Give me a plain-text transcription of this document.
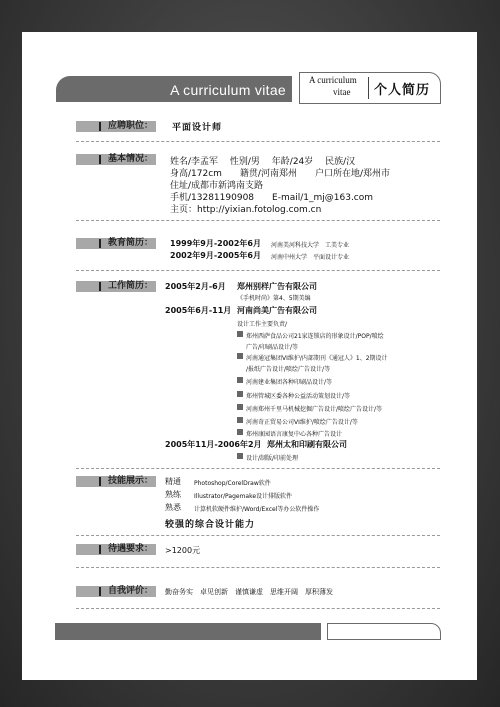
A curriculum vitae
A curriculum
vitae 个人简历
应聘职位： 平面设计师
基本情况： 姓名/李孟军　 性别/男　 年龄/24岁　 民族/汉
身高/172cm　　籍贯/河南郑州　　户口所在地/郑州市
住址/成都市新鸿南支路
手机/13281190908　　E-mail/1_mj@163.com
主页：http://yixian.fotolog.com.cn
教育简历： 1999年9月-2002年6月 河南美河科技大学　工美专业
2002年9月-2005年6月 河南中州大学　平面设计专业
工作简历： 2005年2月-6月 郑州别样广告有限公司
《手机时尚》第4、5期美编
2005年6月-11月 河南尚美广告有限公司
设计工作主要负责/
郑州西萨食品公司21家连锁店的形象设计/POP/喷绘
广告/印刷品设计/等
河南通冠集团VI维护/内部期刊《通冠人》1、2期设计
/报纸广告设计/喷绘广告设计/等
河南建业集团各种印刷品设计/等
郑州管城区委各种公益活动策划设计/等
河南郑州千里马机械挖掘广告设计/喷绘广告设计/等
河南奇正贸易公司VI维护/喷绘广告设计/等
郑州康园语言康复中心各种广告设计
2005年11月-2006年2月 郑州太和印刷有限公司
设计/制版/印前处理
技能展示： 精通 Photoshop/CorelDraw软件
熟练 Illustrator/Pagemake设计排版软件
熟悉 计算机软硬件维护/Word/Excel等办公软件操作
较强的综合设计能力
待遇要求： >1200元
自我评价： 勤奋务实　卓见创新　谨慎谦虚　思维开阔　厚积薄发
